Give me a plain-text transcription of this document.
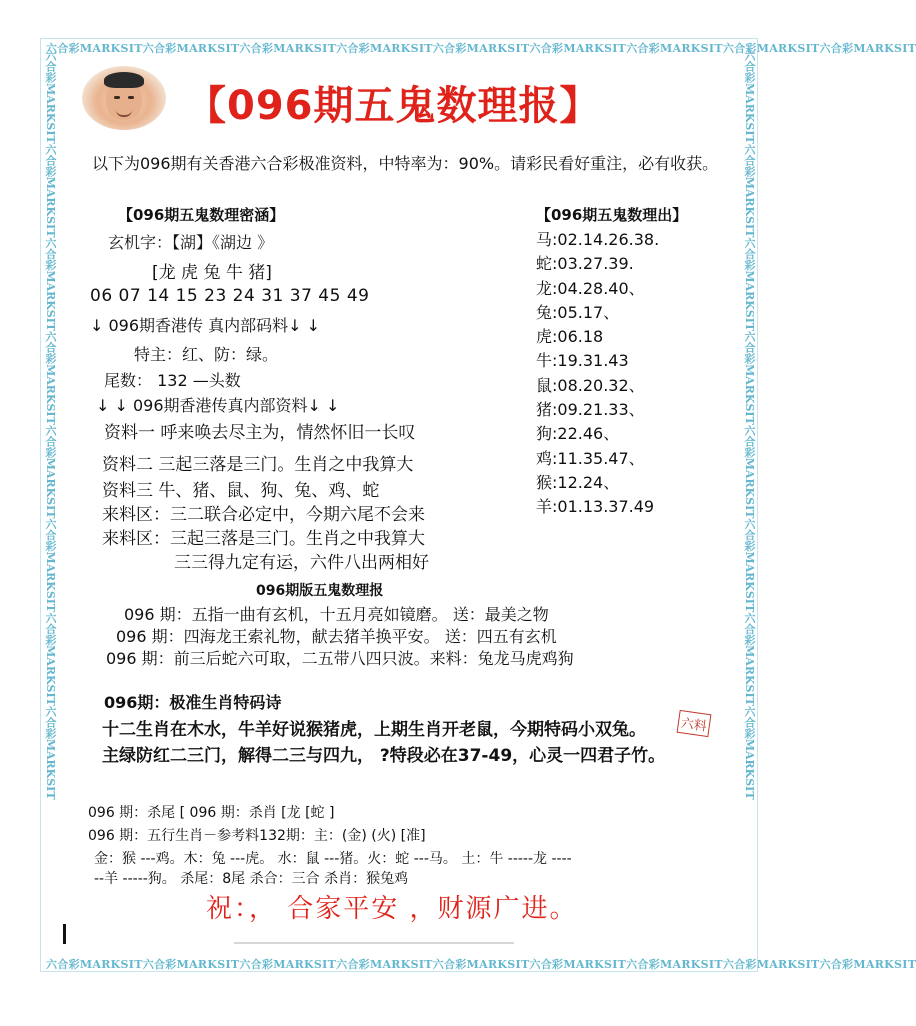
六合彩MARKSIT六合彩MARKSIT六合彩MARKSIT六合彩MARKSIT六合彩MARKSIT六合彩MARKSIT六合彩MARKSIT六合彩MARKSIT六合彩MARKSIT
六合彩MARKSIT六合彩MARKSIT六合彩MARKSIT六合彩MARKSIT六合彩MARKSIT六合彩MARKSIT六合彩MARKSIT六合彩MARKSIT六合彩MARKSIT
六合彩MARKSIT六合彩MARKSIT六合彩MARKSIT六合彩MARKSIT六合彩MARKSIT六合彩MARKSIT六合彩MARKSIT六合彩MARKSIT	六合彩MARKSIT六合彩MARKSIT六合彩MARKSIT六合彩MARKSIT六合彩MARKSIT六合彩MARKSIT六合彩MARKSIT六合彩MARKSIT
【096期五鬼数理报】
以下为096期有关香港六合彩极准资料，中特率为：90%。请彩民看好重注，必有收获。
【096期五鬼数理密涵】
玄机字：【湖】《湖边 》
[龙 虎 兔 牛 猪]
06 07 14 15 23 24 31 37 45 49
↓ 096期香港传 真内部码料↓ ↓
特主：红、防：绿。
尾数： 132 —头数
↓ ↓ 096期香港传真内部资料↓ ↓
资料一 呼来唤去尽主为，情然怀旧一长叹
资料二 三起三落是三门。生肖之中我算大
资料三 牛、猪、鼠、狗、兔、鸡、蛇
来料区：三二联合必定中，今期六尾不会来
来料区：三起三落是三门。生肖之中我算大
三三得九定有运，六件八出两相好
【096期五鬼数理出】
马:02.14.26.38.
蛇:03.27.39.
龙:04.28.40、
兔:05.17、
虎:06.18
牛:19.31.43
鼠:08.20.32、
猪:09.21.33、
狗:22.46、
鸡:11.35.47、
猴:12.24、
羊:01.13.37.49
096期版五鬼数理报
096 期：五指一曲有玄机，十五月亮如镜磨。 送：最美之物
096 期：四海龙王索礼物，献去猪羊换平安。 送：四五有玄机
096 期：前三后蛇六可取，二五带八四只波。来料：兔龙马虎鸡狗
096期：极准生肖特码诗
十二生肖在木水，牛羊好说猴猪虎，上期生肖开老鼠，今期特码小双兔。
主绿防红二三门，解得二三与四九， ?特段必在37-49，心灵一四君子竹。
六料
096 期：杀尾 [ 096 期：杀肖 [龙 [蛇 ]
096 期：五行生肖－参考料132期：主：(金) (火) [准]
金：猴 ---鸡。木：兔 ---虎。 水：鼠 ---猪。火：蛇 ---马。 土：牛 -----龙 ----
--羊 -----狗。 杀尾：8尾 杀合：三合 杀肖：猴兔鸡
祝：， 合家平安 ，财源广进。
